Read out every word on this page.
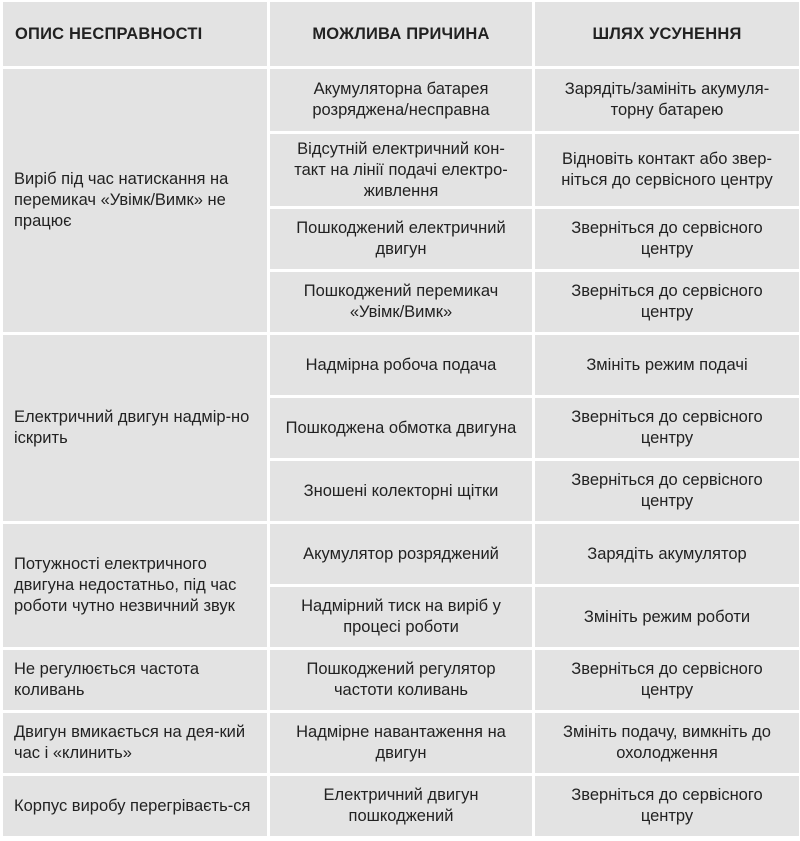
ОПИС НЕСПРАВНОСТІ	МОЖЛИВА ПРИЧИНА	ШЛЯХ УСУНЕННЯ
Виріб під час натискання на перемикач «Увімк/Вимк» не працює	Акумуляторна батарея розряджена/несправна	Зарядіть/замініть акумуля-торну батарею
	Відсутній електричний кон-такт на лінії подачі електро-живлення	Відновіть контакт або звер-ніться до сервісного центру
	Пошкоджений електричний двигун	Зверніться до сервісного центру
	Пошкоджений перемикач «Увімк/Вимк»	Зверніться до сервісного центру
Електричний двигун надмір-но іскрить	Надмірна робоча подача	Змініть режим подачі
	Пошкоджена обмотка двигуна	Зверніться до сервісного центру
	Зношені колекторні щітки	Зверніться до сервісного центру
Потужності електричного двигуна недостатньо, під час роботи чутно незвичний звук	Акумулятор розряджений	Зарядіть акумулятор
	Надмірний тиск на виріб у процесі роботи	Змініть режим роботи
Не регулюється частота коливань	Пошкоджений регулятор частоти коливань	Зверніться до сервісного центру
Двигун вмикається на дея-кий час і «клинить»	Надмірне навантаження на двигун	Змініть подачу, вимкніть до охолодження
Корпус виробу перегріваєть-ся	Електричний двигун пошкоджений	Зверніться до сервісного центру
